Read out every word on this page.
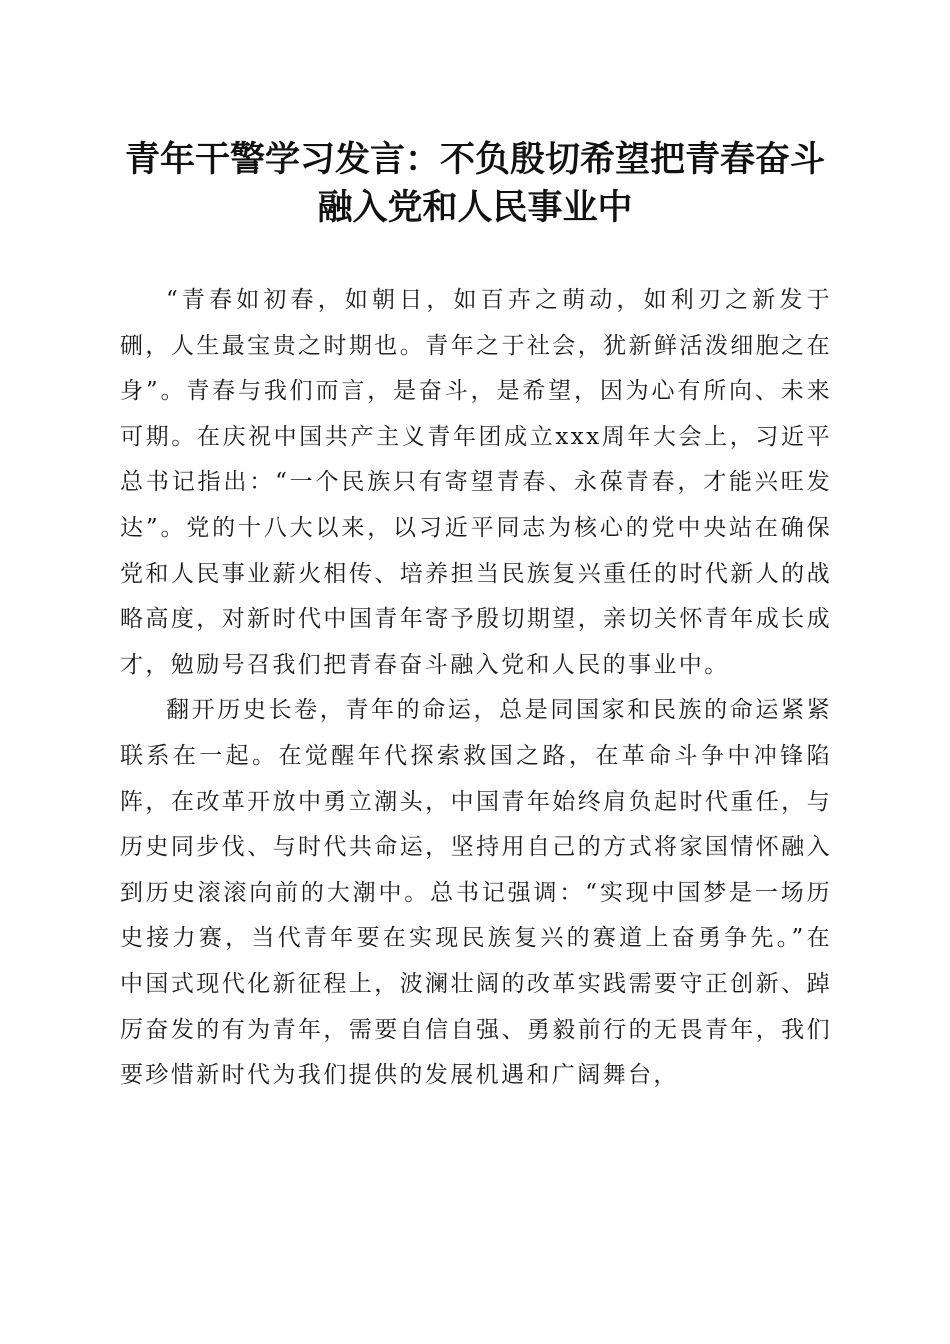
青年干警学习发言：不负殷切希望把青春奋斗
融入党和人民事业中

“青春如初春，如朝日，如百卉之萌动，如利刃之新发于硎，人生最宝贵之时期也。青年之于社会，犹新鲜活泼细胞之在身”。青春与我们而言，是奋斗，是希望，因为心有所向、未来可期。在庆祝中国共产主义青年团成立xxx周年大会上，习近平总书记指出：“一个民族只有寄望青春、永葆青春，才能兴旺发达”。党的十八大以来，以习近平同志为核心的党中央站在确保党和人民事业薪火相传、培养担当民族复兴重任的时代新人的战略高度，对新时代中国青年寄予殷切期望，亲切关怀青年成长成才，勉励号召我们把青春奋斗融入党和人民的事业中。

翻开历史长卷，青年的命运，总是同国家和民族的命运紧紧联系在一起。在觉醒年代探索救国之路，在革命斗争中冲锋陷阵，在改革开放中勇立潮头，中国青年始终肩负起时代重任，与历史同步伐、与时代共命运，坚持用自己的方式将家国情怀融入到历史滚滚向前的大潮中。总书记强调：“实现中国梦是一场历史接力赛，当代青年要在实现民族复兴的赛道上奋勇争先。”在中国式现代化新征程上，波澜壮阔的改革实践需要守正创新、踔厉奋发的有为青年，需要自信自强、勇毅前行的无畏青年，我们要珍惜新时代为我们提供的发展机遇和广阔舞台，
